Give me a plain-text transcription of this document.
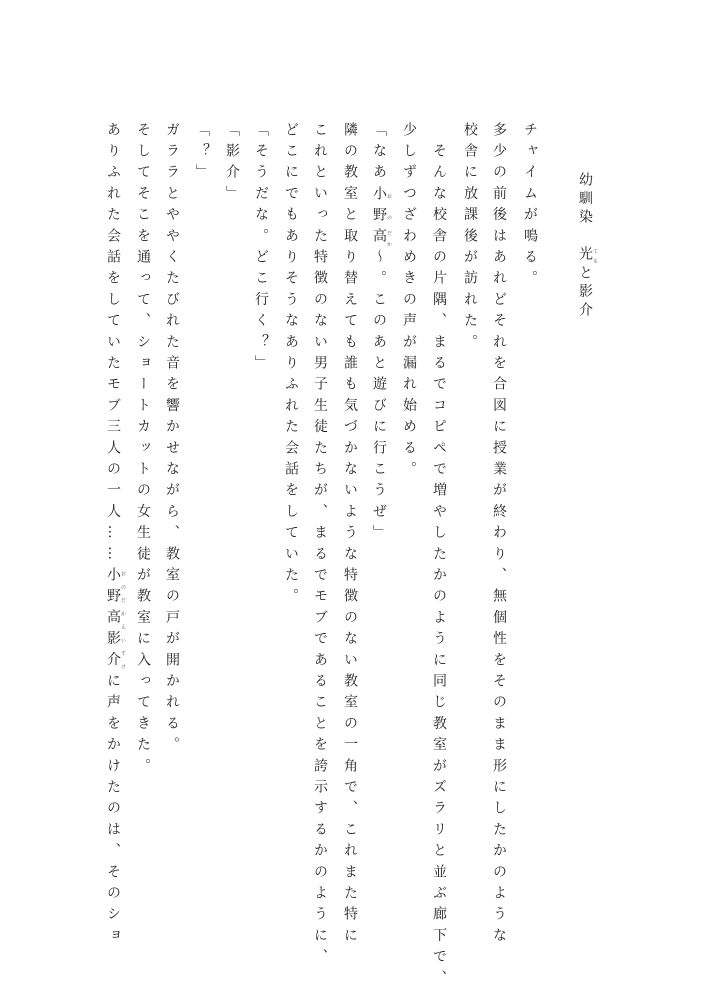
幼馴染　光 てると影介
チャイムが鳴る。
多少の前後はあれどそれを合図に授業が終わり、無個性をそのまま形にしたかのような
校舎に放課後が訪れた。
　そんな校舎の片隅、まるでコピペで増やしたかのように同じ教室がズラリと並ぶ廊下で、
少しずつざわめきの声が漏れ始める。
「なあ小 お野 の高 だか〜。このあと遊びに行こうぜ」
隣の教室と取り替えても誰も気づかないような特徴のない教室の一角で、これまた特に
これといった特徴のない男子生徒たちが、まるでモブであることを誇示するかのように、
どこにでもありそうなありふれた会話をしていた。
「そうだな。どこ行く？」
「影介」
「？」
ガララとややくたびれた音を響かせながら、教室の戸が開かれる。
そしてそこを通って、ショートカットの女生徒が教室に入ってきた。
ありふれた会話をしていたモブ三人の一人……小野高影介 おのだかえいすけに声をかけたのは、そのショ
